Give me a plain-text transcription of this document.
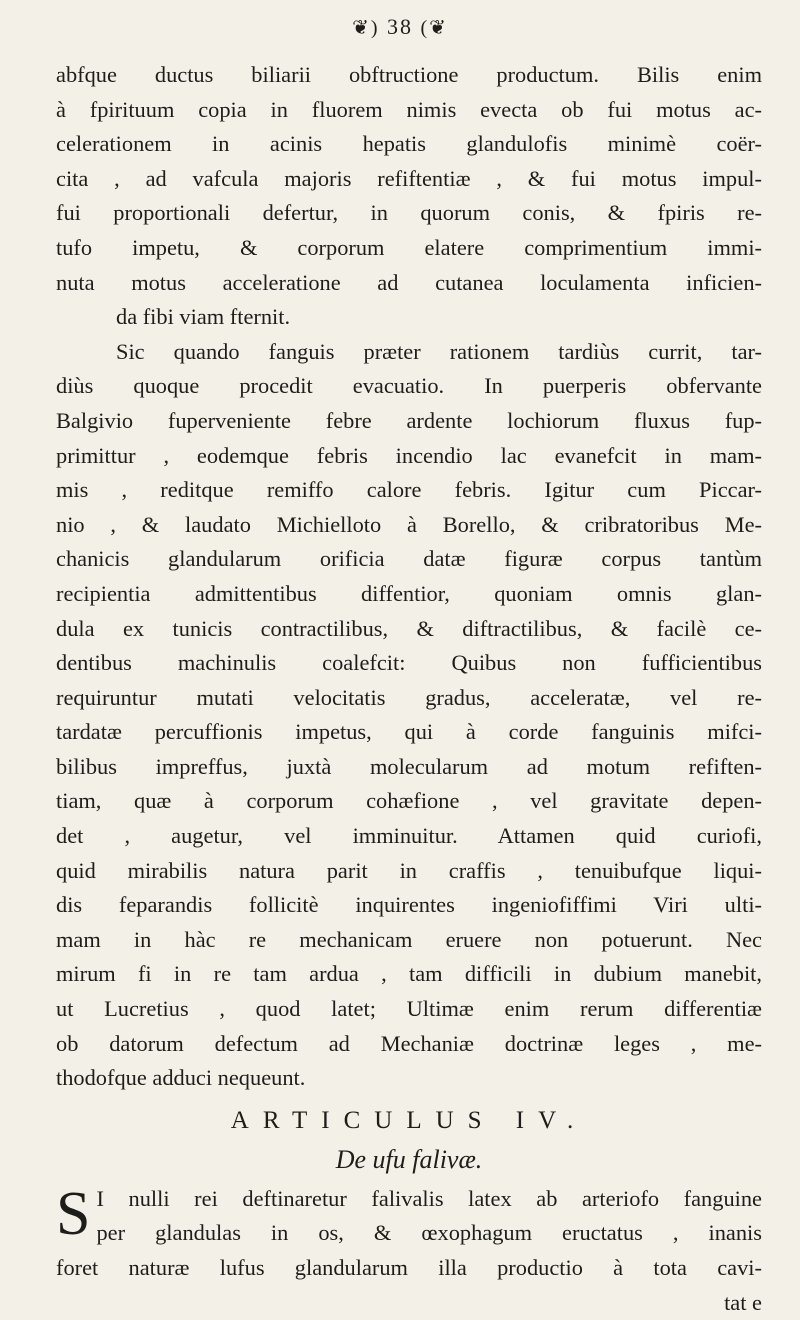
❦) 38 (❦
abfque ductus biliarii obftructione productum. Bilis enim
à fpirituum copia in fluorem nimis evecta ob fui motus ac-
celerationem in acinis hepatis glandulofis minimè coër-
cita , ad vafcula majoris refiftentiæ , & fui motus impul-
fui proportionali defertur, in quorum conis, & fpiris re-
tufo impetu, & corporum elatere comprimentium immi-
nuta motus acceleratione ad cutanea loculamenta inficien-
da fibi viam fternit.
Sic quando fanguis præter rationem tardiùs currit, tar-
diùs quoque procedit evacuatio. In puerperis obfervante
Balgivio fuperveniente febre ardente lochiorum fluxus fup-
primittur , eodemque febris incendio lac evanefcit in mam-
mis , reditque remiffo calore febris. Igitur cum Piccar-
nio , & laudato Michielloto à Borello, & cribratoribus Me-
chanicis glandularum orificia datæ figuræ corpus tantùm
recipientia admittentibus diffentior, quoniam omnis glan-
dula ex tunicis contractilibus, & diftractilibus, & facilè ce-
dentibus machinulis coalefcit: Quibus non fufficientibus
requiruntur mutati velocitatis gradus, acceleratæ, vel re-
tardatæ percuffionis impetus, qui à corde fanguinis mifci-
bilibus impreffus, juxtà molecularum ad motum refiften-
tiam, quæ à corporum cohæfione , vel gravitate depen-
det , augetur, vel imminuitur. Attamen quid curiofi,
quid mirabilis natura parit in craffis , tenuibufque liqui-
dis feparandis follicitè inquirentes ingeniofiffimi Viri ulti-
mam in hàc re mechanicam eruere non potuerunt. Nec
mirum fi in re tam ardua , tam difficili in dubium manebit,
ut Lucretius , quod latet; Ultimæ enim rerum differentiæ
ob datorum defectum ad Mechaniæ doctrinæ leges , me-
thodofque adduci nequeunt.
ARTICULUS IV.
De ufu falivæ.
S I nulli rei deftinaretur falivalis latex ab arteriofo fanguine
per glandulas in os, & œxophagum eructatus , inanis
foret naturæ lufus glandularum illa productio à tota cavi-
tat e
